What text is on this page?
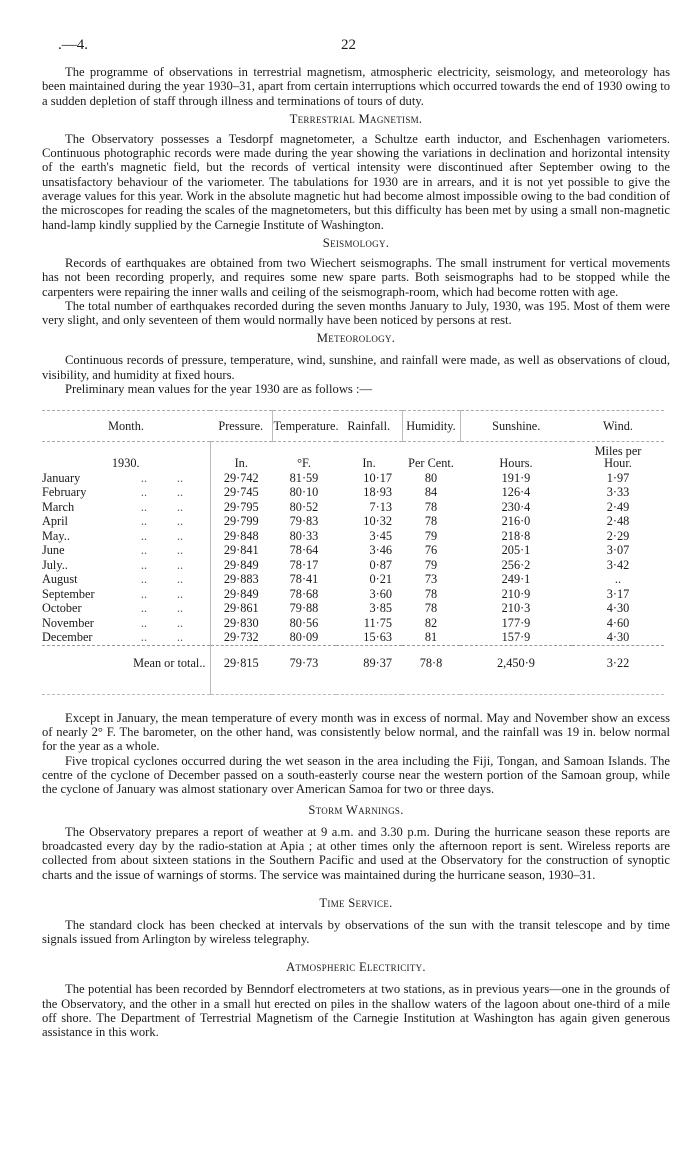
.—4.	22

The programme of observations in terrestrial magnetism, atmospheric electricity, seismology, and meteorology has been maintained during the year 1930–31, apart from certain interruptions which occurred towards the end of 1930 owing to a sudden depletion of staff through illness and terminations of tours of duty.

Terrestrial Magnetism.

The Observatory possesses a Tesdorpf magnetometer, a Schultze earth inductor, and Eschenhagen variometers. Continuous photographic records were made during the year showing the variations in declination and horizontal intensity of the earth's magnetic field, but the records of vertical intensity were discontinued after September owing to the unsatisfactory behaviour of the variometer. The tabulations for 1930 are in arrears, and it is not yet possible to give the average values for this year. Work in the absolute magnetic hut had become almost impossible owing to the bad condition of the microscopes for reading the scales of the magnetometers, but this difficulty has been met by using a small non-magnetic hand-lamp kindly supplied by the Carnegie Institute of Washington.

Seismology.

Records of earthquakes are obtained from two Wiechert seismographs. The small instrument for vertical movements has not been recording properly, and requires some new spare parts. Both seismographs had to be stopped while the carpenters were repairing the inner walls and ceiling of the seismograph-room, which had become rotten with age.

The total number of earthquakes recorded during the seven months January to July, 1930, was 195. Most of them were very slight, and only seventeen of them would normally have been noticed by persons at rest.

Meteorology.

Continuous records of pressure, temperature, wind, sunshine, and rainfall were made, as well as observations of cloud, visibility, and humidity at fixed hours.

Preliminary mean values for the year 1930 are as follows :—

Month.	Pressure.	Temperature.	Rainfall.	Humidity.	Sunshine.	Wind.
1930.	In.	°F.	In.	Per Cent.	Hours.	Miles per Hour.
January .. ..	29·742	81·59	10·17	80	191·9	1·97
February .. ..	29·745	80·10	18·93	84	126·4	3·33
March .. ..	29·795	80·52	7·13	78	230·4	2·49
April .. ..	29·799	79·83	10·32	78	216·0	2·48
May.. .. ..	29·848	80·33	3·45	79	218·8	2·29
June .. ..	29·841	78·64	3·46	76	205·1	3·07
July.. .. ..	29·849	78·17	0·87	79	256·2	3·42
August .. ..	29·883	78·41	0·21	73	249·1	..
September .. ..	29·849	78·68	3·60	78	210·9	3·17
October .. ..	29·861	79·88	3·85	78	210·3	4·30
November .. ..	29·830	80·56	11·75	82	177·9	4·60
December .. ..	29·732	80·09	15·63	81	157·9	4·30
Mean or total..	29·815	79·73	89·37	78·8	2,450·9	3·22

Except in January, the mean temperature of every month was in excess of normal. May and November show an excess of nearly 2° F. The barometer, on the other hand, was consistently below normal, and the rainfall was 19 in. below normal for the year as a whole.

Five tropical cyclones occurred during the wet season in the area including the Fiji, Tongan, and Samoan Islands. The centre of the cyclone of December passed on a south-easterly course near the western portion of the Samoan group, while the cyclone of January was almost stationary over American Samoa for two or three days.

Storm Warnings.

The Observatory prepares a report of weather at 9 a.m. and 3.30 p.m. During the hurricane season these reports are broadcasted every day by the radio-station at Apia ; at other times only the afternoon report is sent. Wireless reports are collected from about sixteen stations in the Southern Pacific and used at the Observatory for the construction of synoptic charts and the issue of warnings of storms. The service was maintained during the hurricane season, 1930–31.

Time Service.

The standard clock has been checked at intervals by observations of the sun with the transit telescope and by time signals issued from Arlington by wireless telegraphy.

Atmospheric Electricity.

The potential has been recorded by Benndorf electrometers at two stations, as in previous years—one in the grounds of the Observatory, and the other in a small hut erected on piles in the shallow waters of the lagoon about one-third of a mile off shore. The Department of Terrestrial Magnetism of the Carnegie Institution at Washington has again given generous assistance in this work.
